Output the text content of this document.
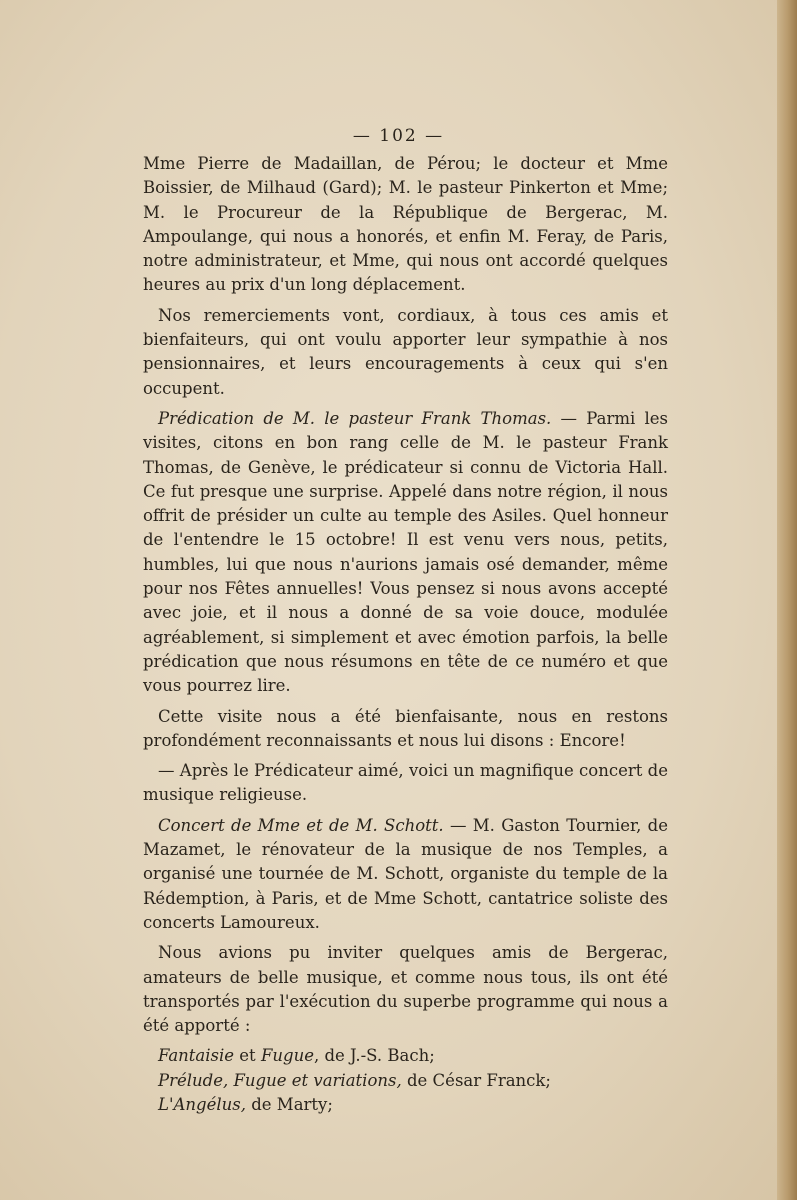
— 102 —

Mme Pierre de Madaillan, de Pérou; le docteur et Mme Boissier, de Milhaud (Gard); M. le pasteur Pinkerton et Mme; M. le Procureur de la République de Bergerac, M. Ampoulange, qui nous a honorés, et enfin M. Feray, de Paris, notre administrateur, et Mme, qui nous ont accordé quelques heures au prix d'un long déplacement.

Nos remerciements vont, cordiaux, à tous ces amis et bienfaiteurs, qui ont voulu apporter leur sympathie à nos pensionnaires, et leurs encouragements à ceux qui s'en occupent.

Prédication de M. le pasteur Frank Thomas. — Parmi les visites, citons en bon rang celle de M. le pasteur Frank Thomas, de Genève, le prédicateur si connu de Victoria Hall. Ce fut presque une surprise. Appelé dans notre région, il nous offrit de présider un culte au temple des Asiles. Quel honneur de l'entendre le 15 octobre! Il est venu vers nous, petits, humbles, lui que nous n'aurions jamais osé demander, même pour nos Fêtes annuelles! Vous pensez si nous avons accepté avec joie, et il nous a donné de sa voie douce, modulée agréablement, si simplement et avec émotion parfois, la belle prédication que nous résumons en tête de ce numéro et que vous pourrez lire.

Cette visite nous a été bienfaisante, nous en restons profondément reconnaissants et nous lui disons : Encore!

— Après le Prédicateur aimé, voici un magnifique concert de musique religieuse.

Concert de Mme et de M. Schott. — M. Gaston Tournier, de Mazamet, le rénovateur de la musique de nos Temples, a organisé une tournée de M. Schott, organiste du temple de la Rédemption, à Paris, et de Mme Schott, cantatrice soliste des concerts Lamoureux.

Nous avions pu inviter quelques amis de Bergerac, amateurs de belle musique, et comme nous tous, ils ont été transportés par l'exécution du superbe programme qui nous a été apporté :

Fantaisie et Fugue, de J.-S. Bach;
Prélude, Fugue et variations, de César Franck;
L'Angélus, de Marty;
